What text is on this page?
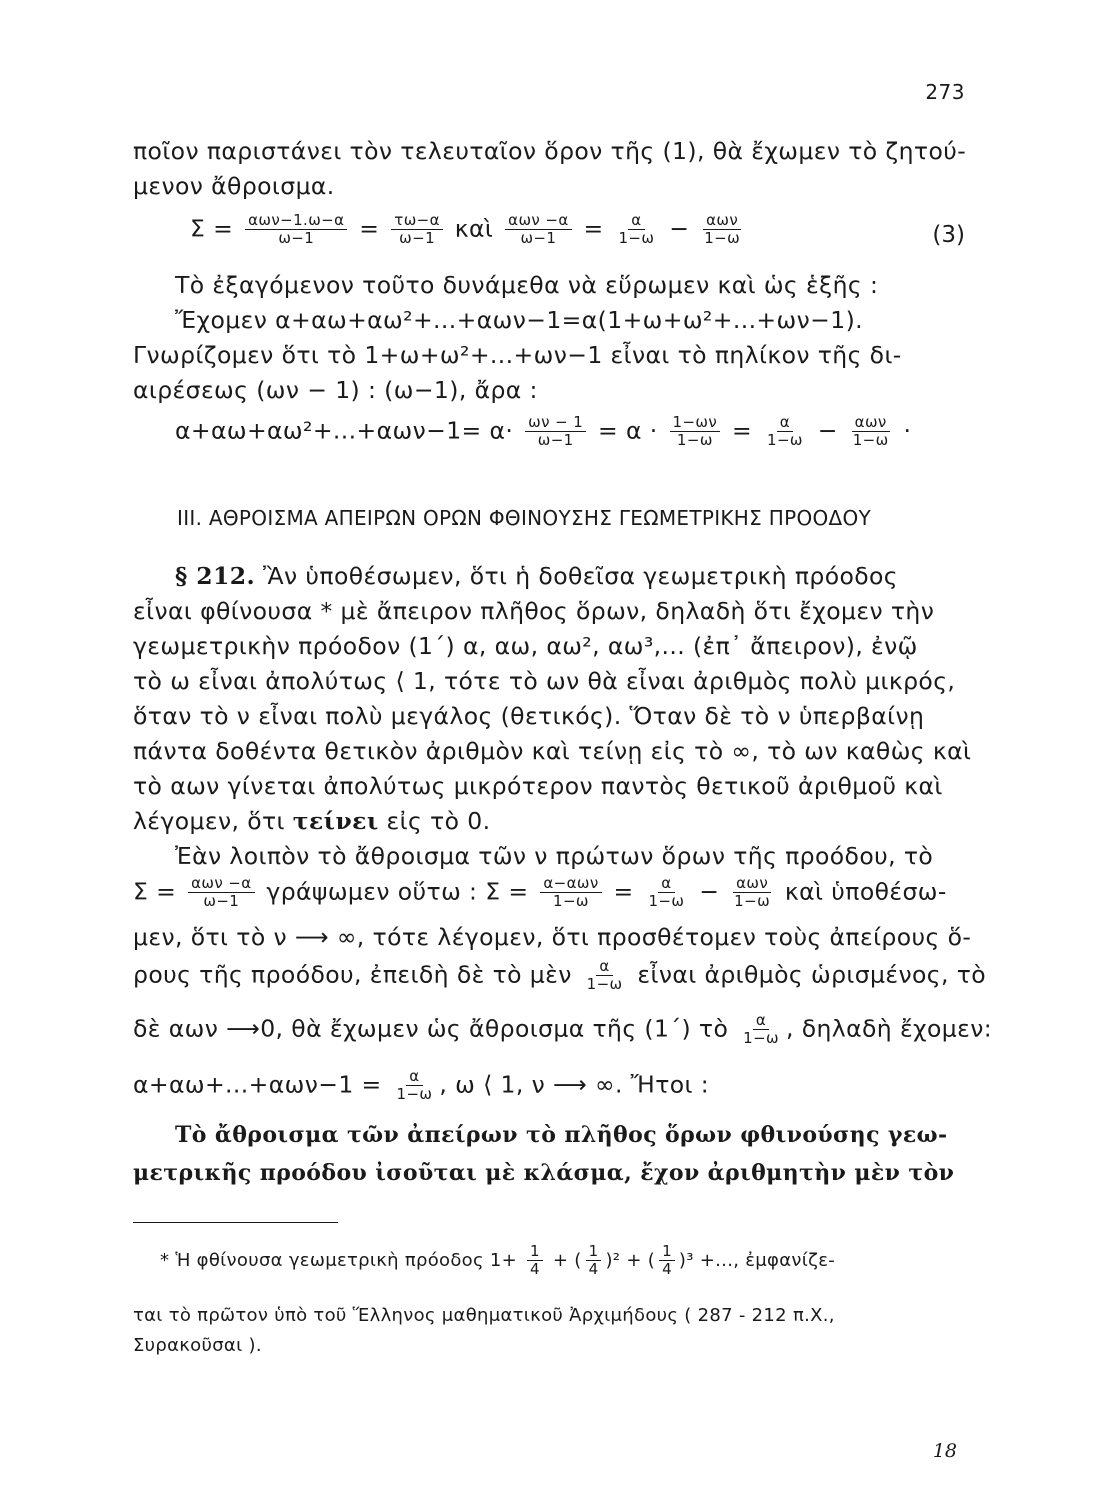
273
ποῖον παριστάνει τὸν τελευταῖον ὅρον τῆς (1), θὰ ἔχωμεν τὸ ζητού-
μενον ἄθροισμα.
$\Sigma = \frac{\text{αων−1.ω−α}}{\omega-1} = \frac{\tau\omega-\alpha}{\omega-1}$ καὶ $\frac{\text{αων −α}}{\omega-1} = \frac{\alpha}{1-\omega} - \frac{\text{αων}}{1-\omega}$	(3)
Τὸ ἐξαγόμενον τοῦτο δυνάμεθα νὰ εὕρωμεν καὶ ὡς ἑξῆς :
Ἔχομεν α+αω+αω²+...+αων−1=α(1+ω+ω²+...+ων−1).
Γνωρίζομεν ὅτι τὸ 1+ω+ω²+...+ων−1 εἶναι τὸ πηλίκον τῆς δι-
αιρέσεως (ων − 1) : (ω−1), ἄρα :
$\alpha+\alpha\omega+\alpha\omega^2+...+\alpha\omega\nu-1= \alpha\cdot \frac{\omega\nu - 1}{\omega-1} = \alpha \cdot \frac{1-\omega\nu}{1-\omega} = \frac{\alpha}{1-\omega} - \frac{\text{αων}}{1-\omega}$ ·
III. ΑΘΡΟΙΣΜΑ ΑΠΕΙΡΩΝ ΟΡΩΝ ΦΘΙΝΟΥΣΗΣ ΓΕΩΜΕΤΡΙΚΗΣ ΠΡΟΟΔΟΥ
§ 212. Ἂν ὑποθέσωμεν, ὅτι ἡ δοθεῖσα γεωμετρικὴ πρόοδος
εἶναι φθίνουσα * μὲ ἄπειρον πλῆθος ὅρων, δηλαδὴ ὅτι ἔχομεν τὴν
γεωμετρικὴν πρόοδον (1΄) α, αω, αω², αω³,... (ἐπ᾽ ἄπειρον), ἐνῷ
τὸ ω εἶναι ἀπολύτως ⟨ 1, τότε τὸ ων θὰ εἶναι ἀριθμὸς πολὺ μικρός,
ὅταν τὸ ν εἶναι πολὺ μεγάλος (θετικός). Ὅταν δὲ τὸ ν ὑπερβαίνῃ
πάντα δοθέντα θετικὸν ἀριθμὸν καὶ τείνῃ εἰς τὸ ∞, τὸ ων καθὼς καὶ
τὸ αων γίνεται ἀπολύτως μικρότερον παντὸς θετικοῦ ἀριθμοῦ καὶ
λέγομεν, ὅτι τείνει εἰς τὸ 0.
Ἐὰν λοιπὸν τὸ ἄθροισμα τῶν ν πρώτων ὅρων τῆς προόδου, τὸ
$\Sigma = \frac{\text{αων −α}}{\omega-1}$ γράψωμεν οὕτω : $\Sigma = \frac{\text{α−αων}}{1-\omega} = \frac{\alpha}{1-\omega} - \frac{\text{αων}}{1-\omega}$ καὶ ὑποθέσω-
μεν, ὅτι τὸ ν ⟶ ∞, τότε λέγομεν, ὅτι προσθέτομεν τοὺς ἀπείρους ὅ-
ρους τῆς προόδου, ἐπειδὴ δὲ τὸ μὲν $\frac{\alpha}{1-\omega}$ εἶναι ἀριθμὸς ὡρισμένος, τὸ
δὲ αων ⟶0, θὰ ἔχωμεν ὡς ἄθροισμα τῆς (1΄) τὸ $\frac{\alpha}{1-\omega}$ , δηλαδὴ ἔχομεν:
$\alpha+\alpha\omega+...+\alpha\omega\nu-1 = \frac{\alpha}{1-\omega}$ , ω ⟨ 1, ν ⟶ ∞. Ἤτοι :
Τὸ ἄθροισμα τῶν ἀπείρων τὸ πλῆθος ὅρων φθινούσης γεω-
μετρικῆς προόδου ἰσοῦται μὲ κλάσμα, ἔχον ἀριθμητὴν μὲν τὸν
* Ἡ φθίνουσα γεωμετρικὴ πρόοδος $1+ \frac{1}{4}$ + ( $\frac{1}{4} )^2$ + ( $\frac{1}{4} )^3$ +..., ἐμφανίζε-
ται τὸ πρῶτον ὑπὸ τοῦ Ἕλληνος μαθηματικοῦ Ἀρχιμήδους ( 287 - 212 π.Χ.,
Συρακοῦσαι ).
18
